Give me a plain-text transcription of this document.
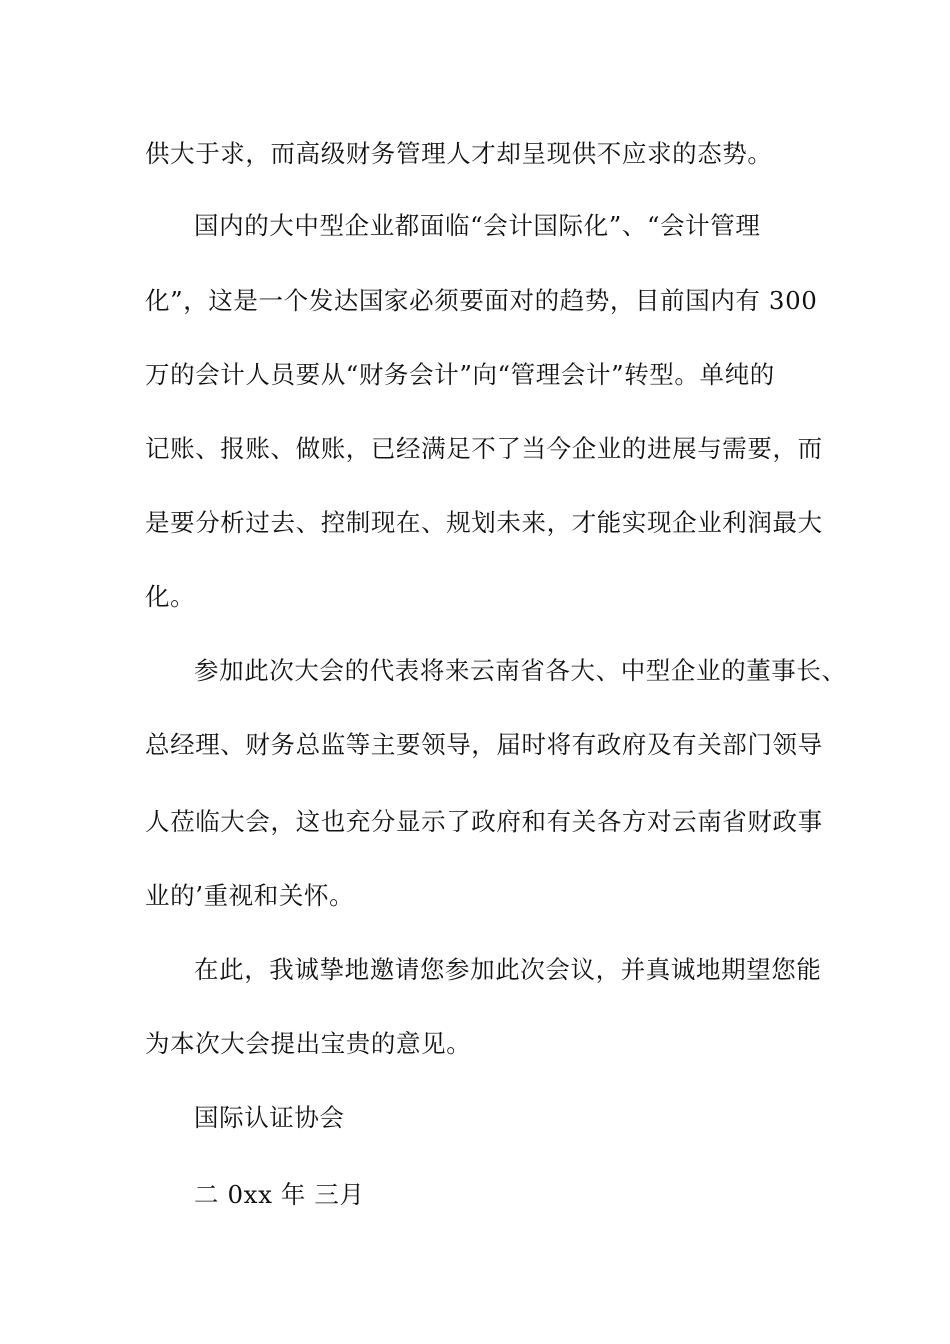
供大于求，而高级财务管理人才却呈现供不应求的态势。
国内的大中型企业都面临“会计国际化”、“会计管理
化”，这是一个发达国家必须要面对的趋势，目前国内有 300
万的会计人员要从“财务会计”向“管理会计”转型。单纯的
记账、报账、做账，已经满足不了当今企业的进展与需要，而
是要分析过去、控制现在、规划未来，才能实现企业利润最大
化。
参加此次大会的代表将来云南省各大、中型企业的董事长、
总经理、财务总监等主要领导，届时将有政府及有关部门领导
人莅临大会，这也充分显示了政府和有关各方对云南省财政事
业的’重视和关怀。
在此，我诚挚地邀请您参加此次会议，并真诚地期望您能
为本次大会提出宝贵的意见。
国际认证协会
二 0xx 年 三月
